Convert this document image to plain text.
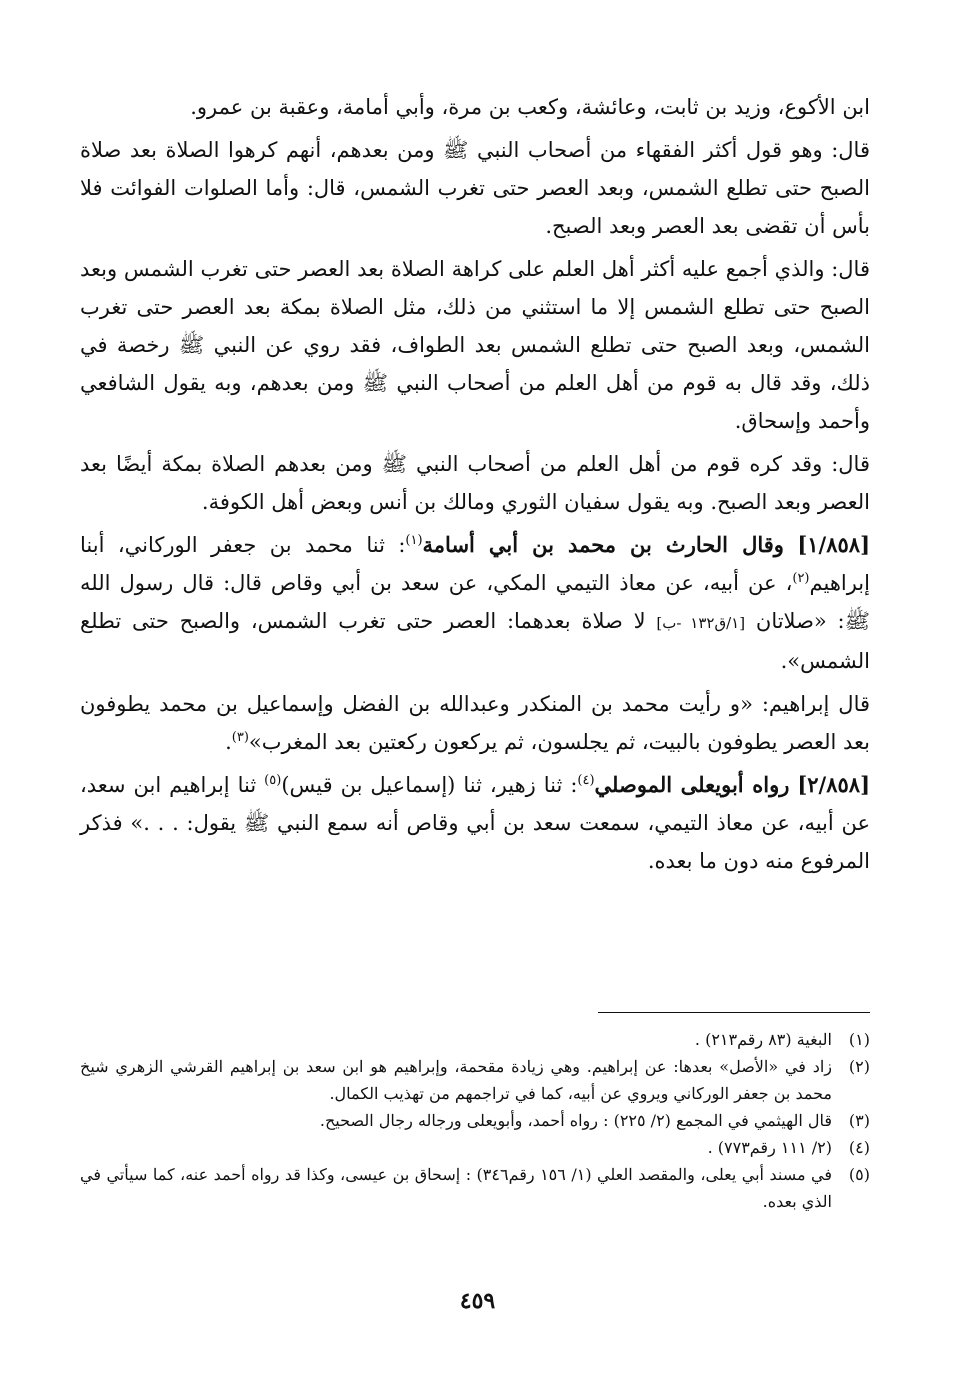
ابن الأكوع، وزيد بن ثابت، وعائشة، وكعب بن مرة، وأبي أمامة، وعقبة بن عمرو.

قال: وهو قول أكثر الفقهاء من أصحاب النبي ﷺ ومن بعدهم، أنهم كرهوا الصلاة بعد صلاة الصبح حتى تطلع الشمس، وبعد العصر حتى تغرب الشمس، قال: وأما الصلوات الفوائت فلا بأس أن تقضى بعد العصر وبعد الصبح.

قال: والذي أجمع عليه أكثر أهل العلم على كراهة الصلاة بعد العصر حتى تغرب الشمس وبعد الصبح حتى تطلع الشمس إلا ما استثني من ذلك، مثل الصلاة بمكة بعد العصر حتى تغرب الشمس، وبعد الصبح حتى تطلع الشمس بعد الطواف، فقد روي عن النبي ﷺ رخصة في ذلك، وقد قال به قوم من أهل العلم من أصحاب النبي ﷺ ومن بعدهم، وبه يقول الشافعي وأحمد وإسحاق.

قال: وقد كره قوم من أهل العلم من أصحاب النبي ﷺ ومن بعدهم الصلاة بمكة أيضًا بعد العصر وبعد الصبح. وبه يقول سفيان الثوري ومالك بن أنس وبعض أهل الكوفة.

[١/٨٥٨] وقال الحارث بن محمد بن أبي أسامة$^{(١)}$: ثنا محمد بن جعفر الوركاني، أبنا إبراهيم$^{(٢)}$، عن أبيه، عن معاذ التيمي المكي، عن سعد بن أبي وقاص قال: قال رسول الله ﷺ: «صلاتان [١/ق١٣٢ -ب] لا صلاة بعدهما: العصر حتى تغرب الشمس، والصبح حتى تطلع الشمس».

قال إبراهيم: «و رأيت محمد بن المنكدر وعبدالله بن الفضل وإسماعيل بن محمد يطوفون بعد العصر يطوفون بالبيت، ثم يجلسون، ثم يركعون ركعتين بعد المغرب»$^{(٣)}$.

[٢/٨٥٨] رواه أبويعلى الموصلي$^{(٤)}$: ثنا زهير، ثنا (إسماعيل بن قيس)$^{(٥)}$ ثنا إبراهيم ابن سعد، عن أبيه، عن معاذ التيمي، سمعت سعد بن أبي وقاص أنه سمع النبي ﷺ يقول: . . .» فذكر المرفوع منه دون ما بعده.

(١)
البغية (٨٣ رقم٢١٣) .
(٢)
زاد في «الأصل» بعدها: عن إبراهيم. وهي زيادة مقحمة، وإبراهيم هو ابن سعد بن إبراهيم القرشي الزهري شيخ محمد بن جعفر الوركاني ويروي عن أبيه، كما في تراجمهم من تهذيب الكمال.
(٣)
قال الهيثمي في المجمع (٢/ ٢٢٥) : رواه أحمد، وأبويعلى ورجاله رجال الصحيح.
(٤)
(٢/ ١١١ رقم٧٧٣) .
(٥)
في مسند أبي يعلى، والمقصد العلي (١/ ١٥٦ رقم٣٤٦) : إسحاق بن عيسى، وكذا قد رواه أحمد عنه، كما سيأتي في الذي بعده.
٤٥٩
